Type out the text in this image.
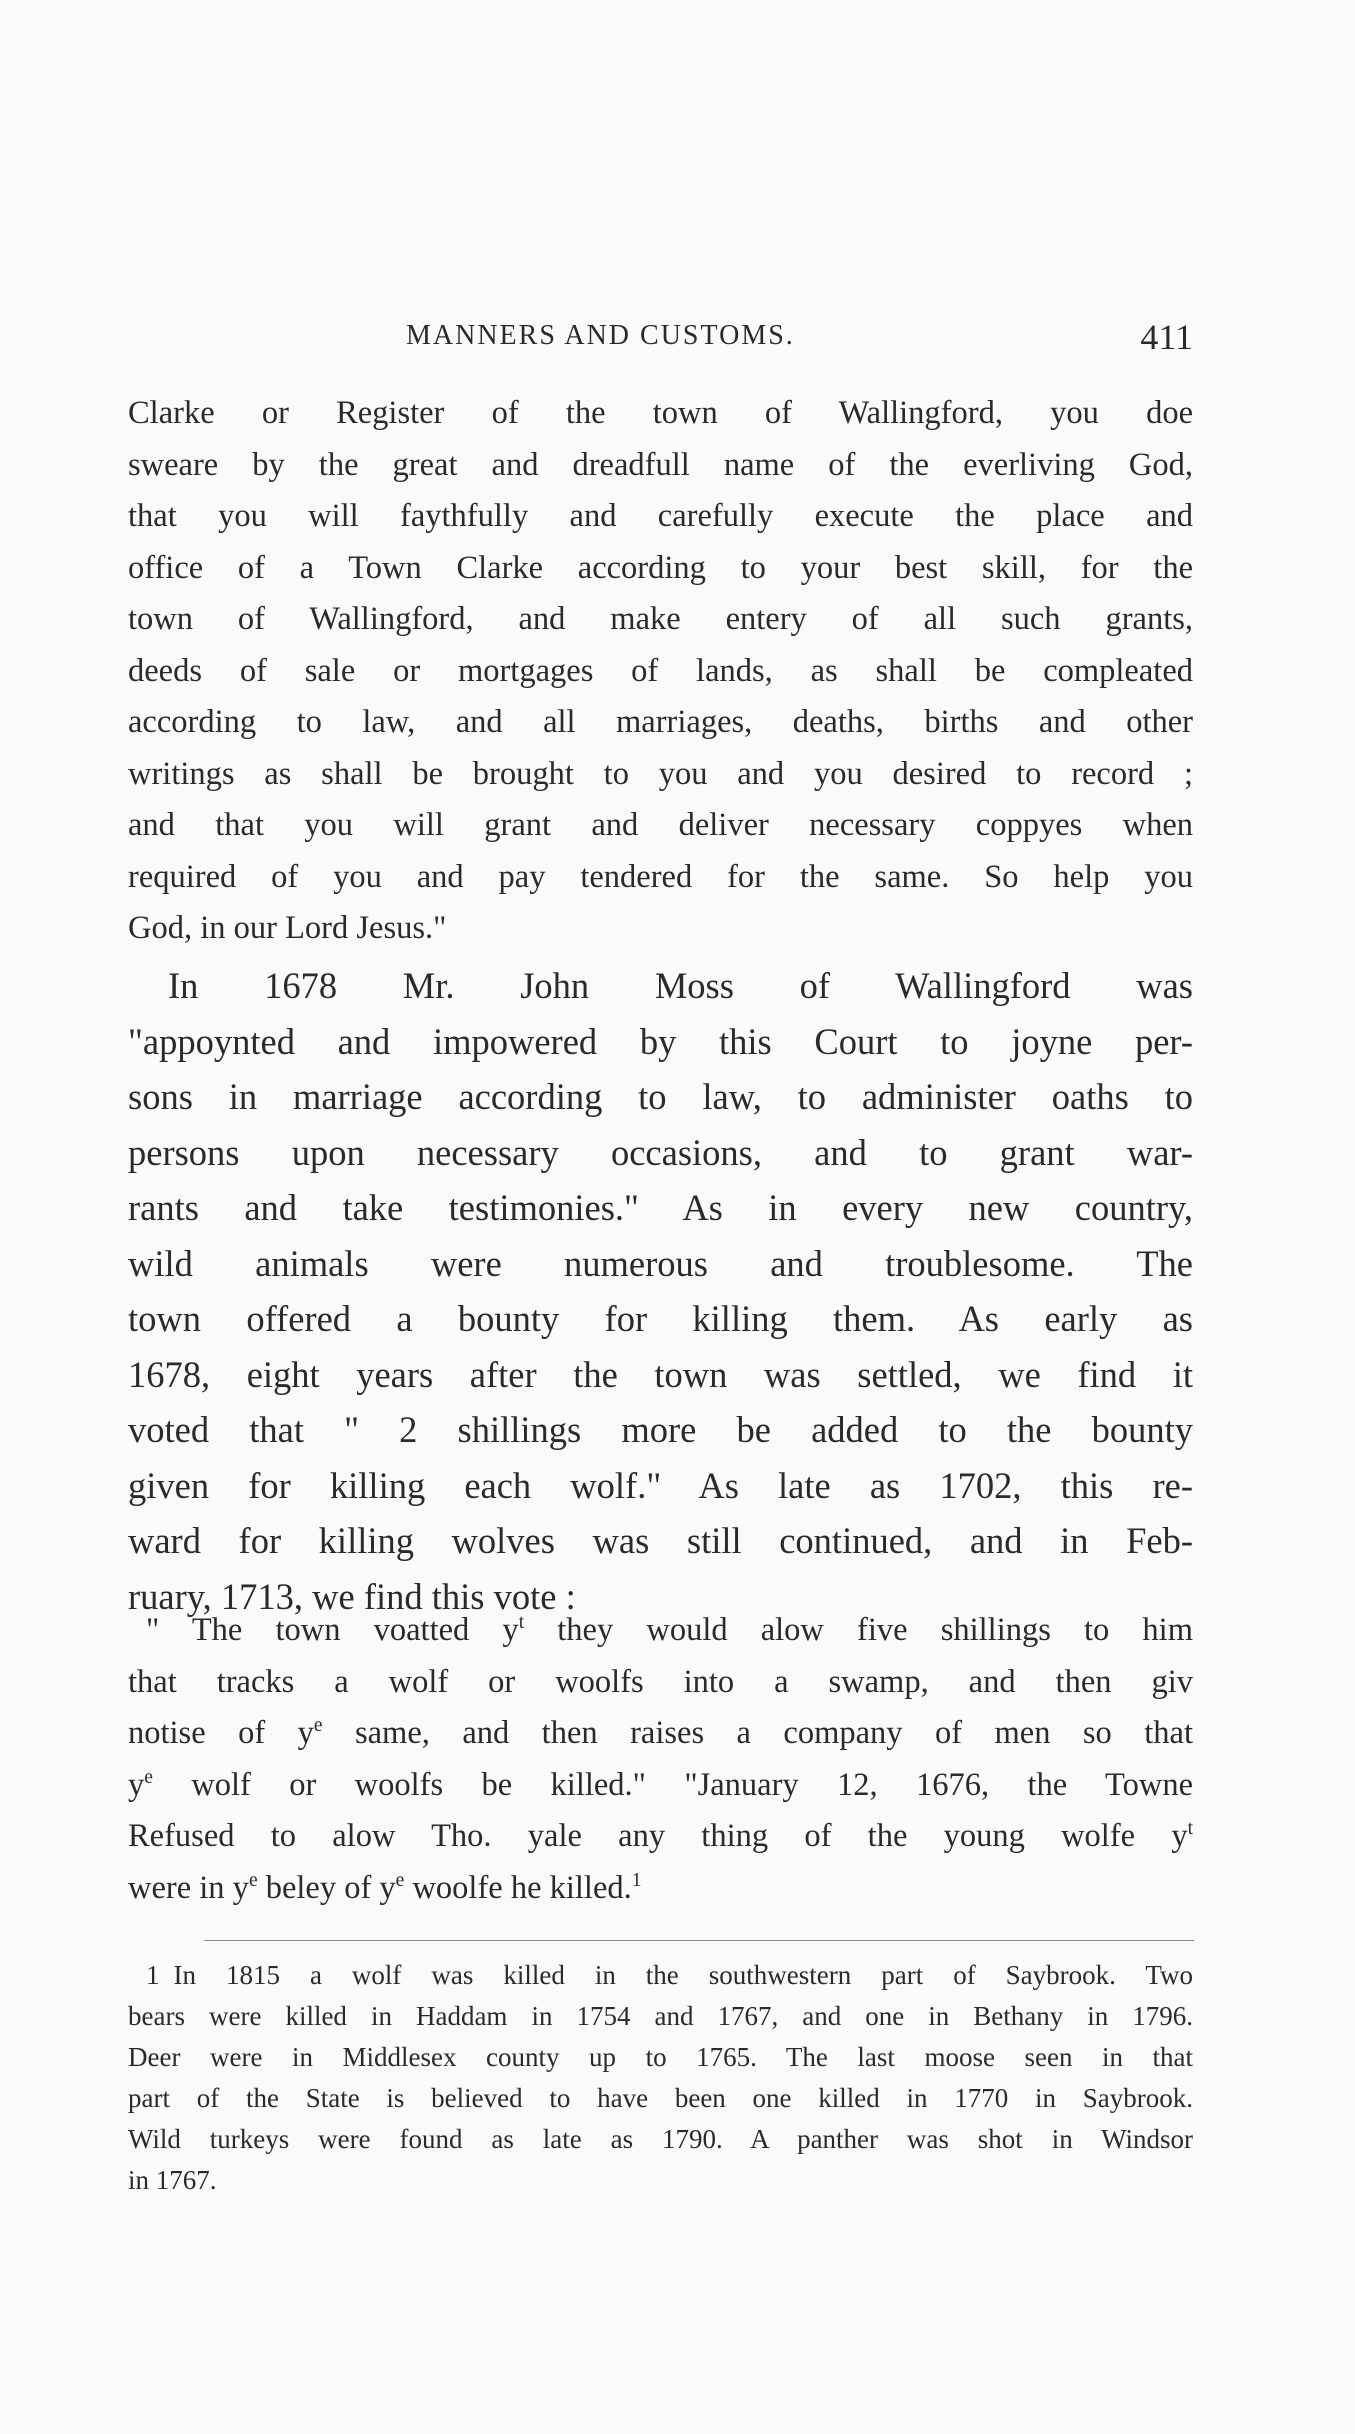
MANNERS AND CUSTOMS.	411
Clarke or Register of the town of Wallingford, you doe
sweare by the great and dreadfull name of the everliving God,
that you will faythfully and carefully execute the place and
office of a Town Clarke according to your best skill, for the
town of Wallingford, and make entery of all such grants,
deeds of sale or mortgages of lands, as shall be compleated
according to law, and all marriages, deaths, births and other
writings as shall be brought to you and you desired to record ;
and that you will grant and deliver necessary coppyes when
required of you and pay tendered for the same. So help you
God, in our Lord Jesus."
In 1678 Mr. John Moss of Wallingford was
"appoynted and impowered by this Court to joyne per-
sons in marriage according to law, to administer oaths to
persons upon necessary occasions, and to grant war-
rants and take testimonies." As in every new country,
wild animals were numerous and troublesome. The
town offered a bounty for killing them. As early as
1678, eight years after the town was settled, we find it
voted that " 2 shillings more be added to the bounty
given for killing each wolf." As late as 1702, this re-
ward for killing wolves was still continued, and in Feb-
ruary, 1713, we find this vote :
" The town voatted $y^t$ they would alow five shillings to him
that tracks a wolf or woolfs into a swamp, and then giv
notise of $y^e$ same, and then raises a company of men so that
$y^e$ wolf or woolfs be killed." "January 12, 1676, the Towne
Refused to alow Tho. yale any thing of the young wolfe $y^t$
were in $y^e$ beley of $y^e$ woolfe he killed.$^1$
1 In 1815 a wolf was killed in the southwestern part of Saybrook. Two
bears were killed in Haddam in 1754 and 1767, and one in Bethany in 1796.
Deer were in Middlesex county up to 1765. The last moose seen in that
part of the State is believed to have been one killed in 1770 in Saybrook.
Wild turkeys were found as late as 1790. A panther was shot in Windsor
in 1767.
